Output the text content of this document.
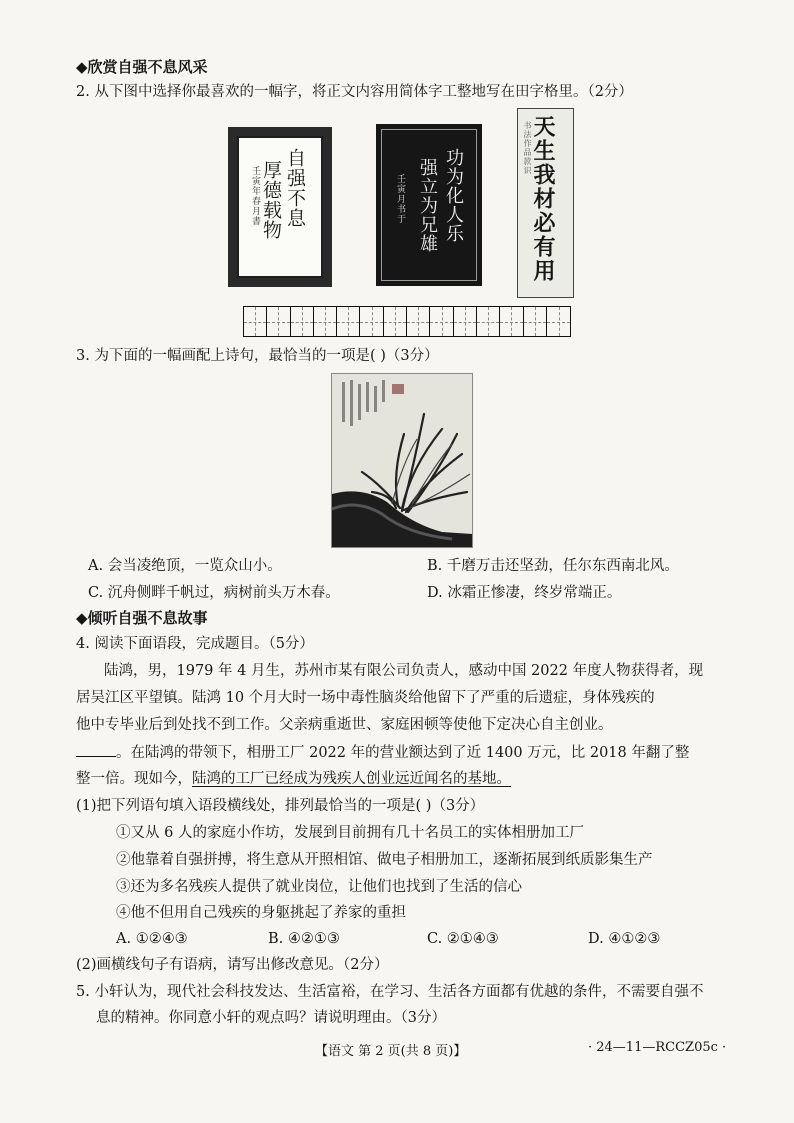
◆欣赏自强不息风采
2. 从下图中选择你最喜欢的一幅字，将正文内容用简体字工整地写在田字格里。（2分）
自强不息
厚德载物
壬寅年春月書	功为化人乐
强立为兄雄
壬寅月书于	天生我材必有用
书法作品款识
3. 为下面的一幅画配上诗句，最恰当的一项是( )（3分）
A. 会当凌绝顶，一览众山小。	B. 千磨万击还坚劲，任尔东西南北风。
C. 沉舟侧畔千帆过，病树前头万木春。	D. 冰霜正惨凄，终岁常端正。
◆倾听自强不息故事
4. 阅读下面语段，完成题目。（5分）
陆鸿，男，1979 年 4 月生，苏州市某有限公司负责人，感动中国 2022 年度人物获得者，现
居吴江区平望镇。陆鸿 10 个月大时一场中毒性脑炎给他留下了严重的后遗症，身体残疾的
他中专毕业后到处找不到工作。父亲病重逝世、家庭困顿等使他下定决心自主创业。
。在陆鸿的带领下，相册工厂 2022 年的营业额达到了近 1400 万元，比 2018 年翻了整
整一倍。现如今，陆鸿的工厂已经成为残疾人创业远近闻名的基地。
(1)把下列语句填入语段横线处，排列最恰当的一项是( )（3分）
①又从 6 人的家庭小作坊，发展到目前拥有几十名员工的实体相册加工厂
②他靠着自强拼搏，将生意从开照相馆、做电子相册加工，逐渐拓展到纸质影集生产
③还为多名残疾人提供了就业岗位，让他们也找到了生活的信心
④他不但用自己残疾的身躯挑起了养家的重担
A. ①②④③	B. ④②①③	C. ②①④③	D. ④①②③
(2)画横线句子有语病，请写出修改意见。（2分）
5. 小轩认为，现代社会科技发达、生活富裕，在学习、生活各方面都有优越的条件，不需要自强不
息的精神。你同意小轩的观点吗？请说明理由。（3分）
【语文 第 2 页(共 8 页)】	· 24—11—RCCZ05c ·
